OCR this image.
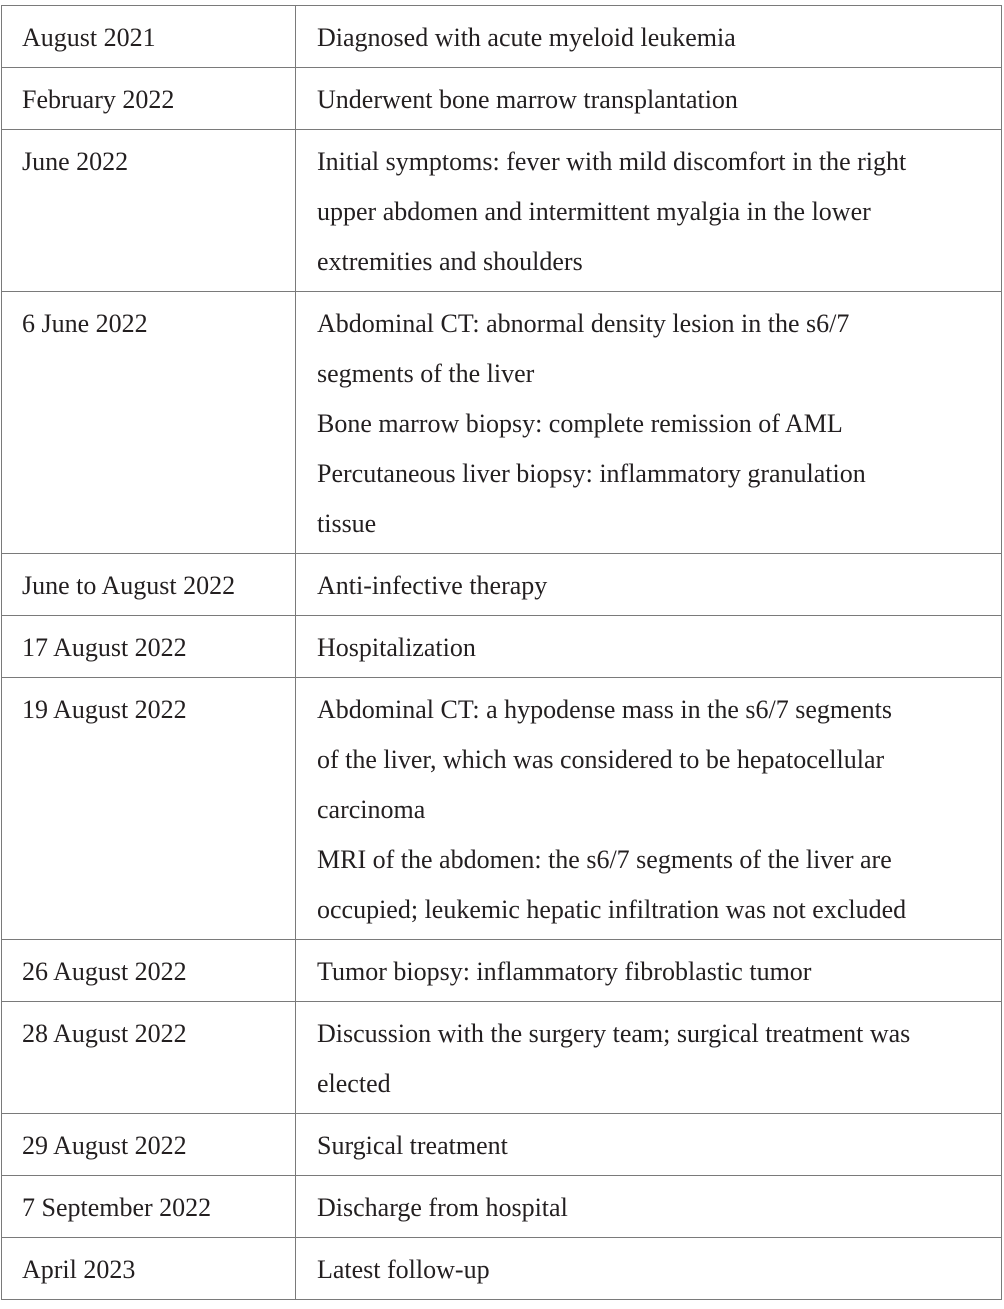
August 2021	Diagnosed with acute myeloid leukemia

February 2022	Underwent bone marrow transplantation

June 2022	Initial symptoms: fever with mild discomfort in the right
upper abdomen and intermittent myalgia in the lower
extremities and shoulders

6 June 2022	Abdominal CT: abnormal density lesion in the s6/7
segments of the liver
Bone marrow biopsy: complete remission of AML
Percutaneous liver biopsy: inflammatory granulation
tissue

June to August 2022	Anti-infective therapy

17 August 2022	Hospitalization

19 August 2022	Abdominal CT: a hypodense mass in the s6/7 segments
of the liver, which was considered to be hepatocellular
carcinoma
MRI of the abdomen: the s6/7 segments of the liver are
occupied; leukemic hepatic infiltration was not excluded

26 August 2022	Tumor biopsy: inflammatory fibroblastic tumor

28 August 2022	Discussion with the surgery team; surgical treatment was
elected

29 August 2022	Surgical treatment

7 September 2022	Discharge from hospital

April 2023	Latest follow-up
